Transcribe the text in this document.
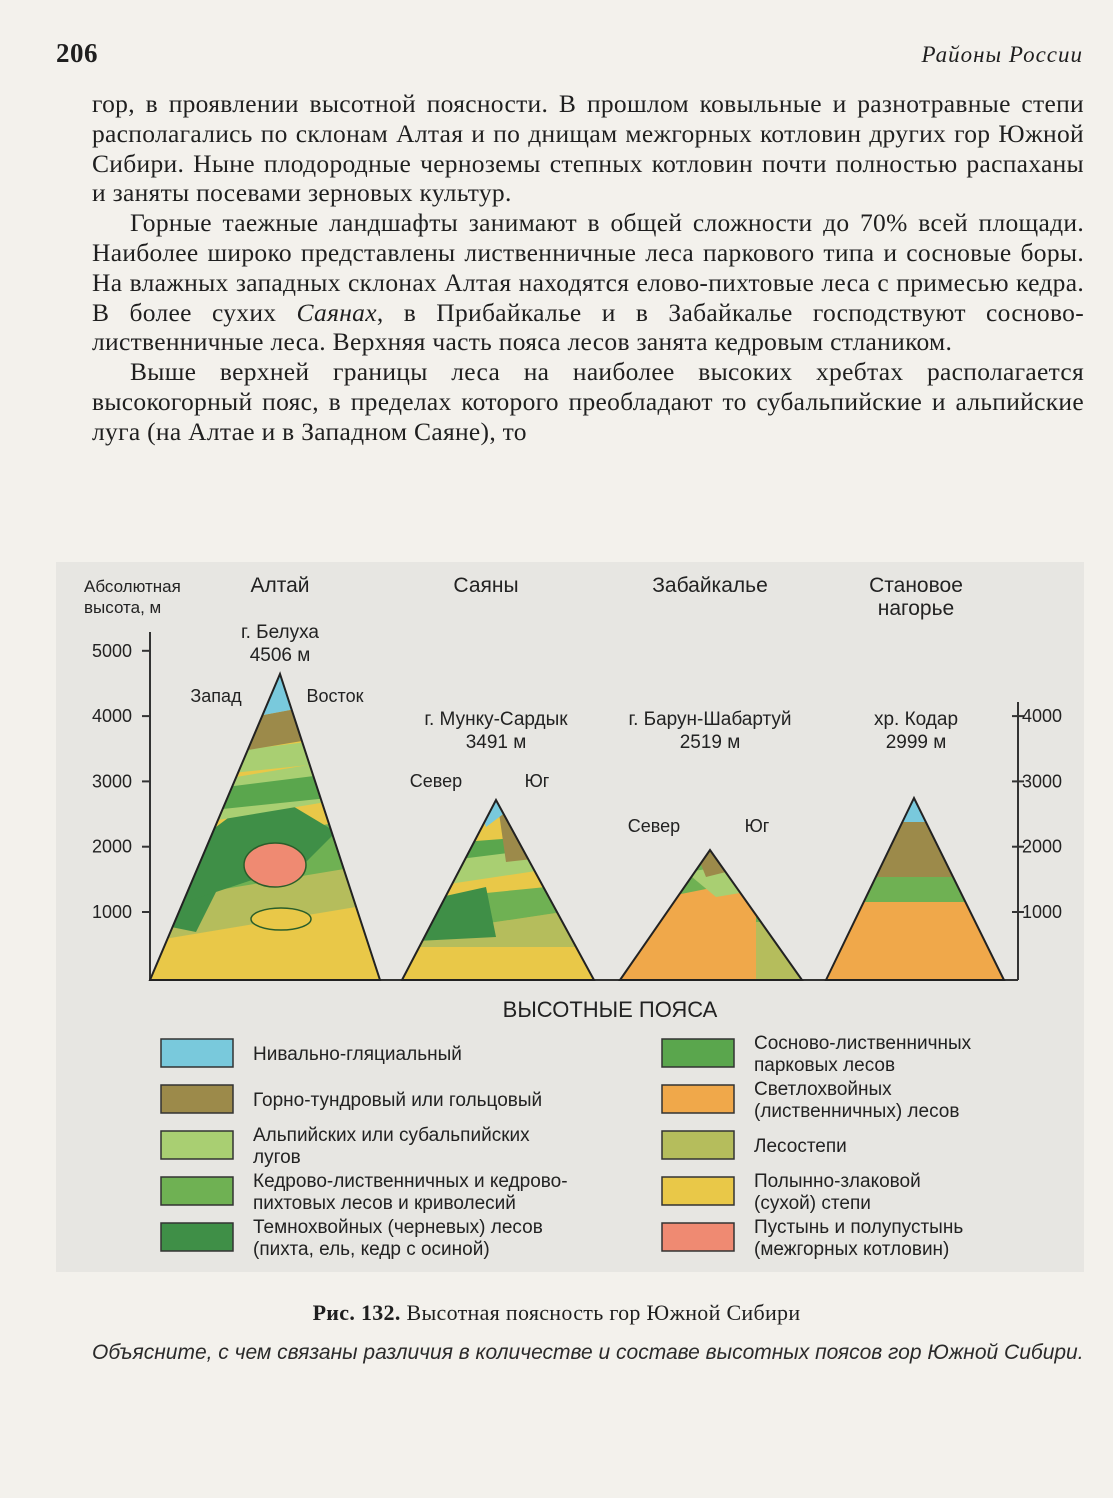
206	Районы России

гор, в проявлении высотной поясности. В прошлом ковыльные и разнотравные степи располагались по склонам Алтая и по днищам межгорных котловин других гор Южной Сибири. Ныне плодородные черноземы степных котловин почти полностью распаханы и заняты посевами зерновых культур.

Горные таежные ландшафты занимают в общей сложности до 70% всей площади. Наиболее широко представлены лиственничные леса паркового типа и сосновые боры. На влажных западных склонах Алтая находятся елово-пихтовые леса с примесью кедра. В более сухих Саянах, в Прибайкалье и в Забайкалье господствуют сосново-лиственничные леса. Верхняя часть пояса лесов занята кедровым стлаником.

Выше верхней границы леса на наиболее высоких хребтах располагается высокогорный пояс, в пределах которого преобладают то субальпийские и альпийские луга (на Алтае и в Западном Саяне), то

Абсолютная
высота, м
5000
4000
3000
2000
1000
4000
3000
2000
1000
Алтай
г. Белуха
4506 м
Запад	Восток
Саяны
г. Мунку-Сардык
3491 м
Север	Юг
Забайкалье
г. Барун-Шабартуй
2519 м
Север	Юг
Становое
нагорье
хр. Кодар
2999 м
ВЫСОТНЫЕ ПОЯСА
Нивально-гляциальный
Горно-тундровый или гольцовый
Альпийских или субальпийских
лугов
Кедрово-лиственничных и кедрово-
пихтовых лесов и криволесий
Темнохвойных (черневых) лесов
(пихта, ель, кедр с осиной)
Сосново-лиственничных
парковых лесов
Светлохвойных
(лиственничных) лесов
Лесостепи
Полынно-злаковой
(сухой) степи
Пустынь и полупустынь
(межгорных котловин)
Рис. 132. Высотная поясность гор Южной Сибири
Объясните, с чем связаны различия в количестве и составе высотных поясов гор Южной Сибири.
